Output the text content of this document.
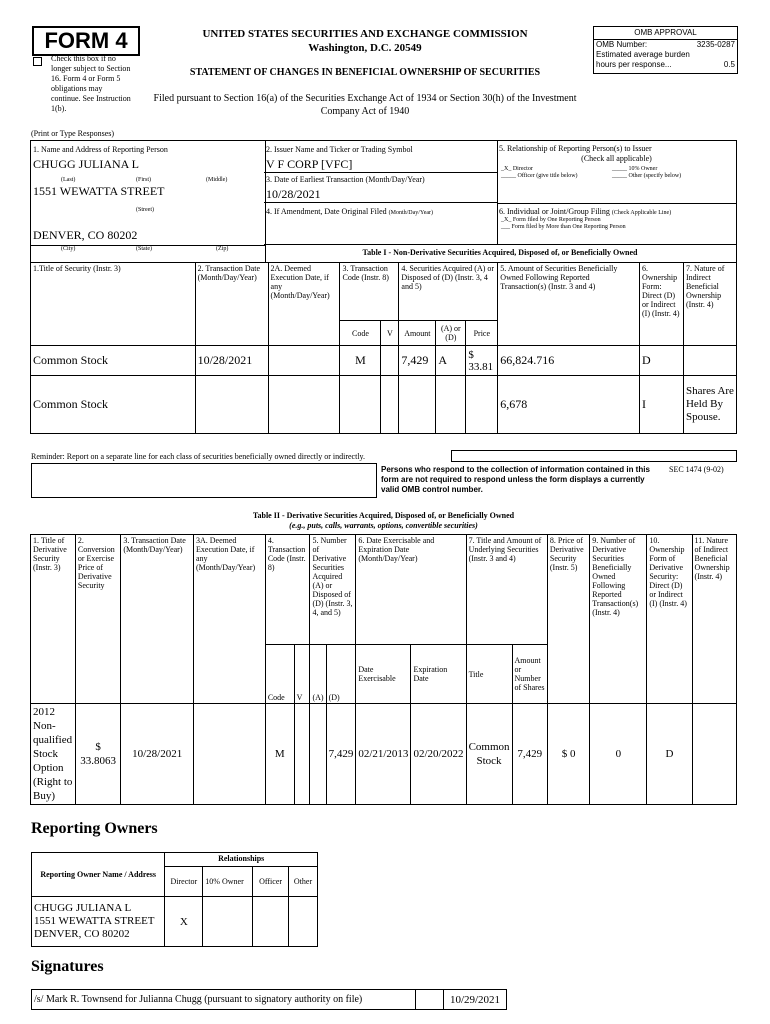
FORM 4
Check this box if no longer subject to Section 16. Form 4 or Form 5 obligations may continue. See Instruction 1(b).
UNITED STATES SECURITIES AND EXCHANGE COMMISSION
Washington, D.C. 20549
STATEMENT OF CHANGES IN BENEFICIAL OWNERSHIP OF SECURITIES
Filed pursuant to Section 16(a) of the Securities Exchange Act of 1934 or Section 30(h) of the Investment Company Act of 1940
OMB APPROVAL
OMB Number:	3235-0287
Estimated average burden
hours per response...	0.5
(Print or Type Responses)
1. Name and Address of Reporting Person
CHUGG JULIANA L
(Last)	(First)	(Middle)
1551 WEWATTA STREET
(Street)
DENVER, CO 80202
(City)	(State)	(Zip)
2. Issuer Name and Ticker or Trading Symbol
V F CORP [VFC]
3. Date of Earliest Transaction (Month/Day/Year)
10/28/2021
4. If Amendment, Date Original Filed (Month/Day/Year)
5. Relationship of Reporting Person(s) to Issuer
(Check all applicable)
_X_ Director	_____ 10% Owner
_____ Officer (give title below)	_____ Other (specify below)
6. Individual or Joint/Group Filing (Check Applicable Line)
_X_ Form filed by One Reporting Person
___ Form filed by More than One Reporting Person
Table I - Non-Derivative Securities Acquired, Disposed of, or Beneficially Owned
1.Title of Security (Instr. 3)	2. Transaction Date (Month/Day/Year)	2A. Deemed Execution Date, if any (Month/Day/Year)	3. Transaction Code (Instr. 8)		4. Securities Acquired (A) or Disposed of (D) (Instr. 3, 4 and 5)			5. Amount of Securities Beneficially Owned Following Reported Transaction(s) (Instr. 3 and 4)	6. Ownership Form: Direct (D) or Indirect (I) (Instr. 4)	7. Nature of Indirect Beneficial Ownership (Instr. 4)
			Code	V	Amount	(A) or (D)	Price			
Common Stock	10/28/2021		M		7,429	A	$ 33.81	66,824.716	D	
Common Stock								6,678	I	Shares Are Held By Spouse.
Reminder: Report on a separate line for each class of securities beneficially owned directly or indirectly.
Persons who respond to the collection of information contained in this form are not required to respond unless the form displays a currently valid OMB control number.
SEC 1474 (9-02)
Table II - Derivative Securities Acquired, Disposed of, or Beneficially Owned
(e.g., puts, calls, warrants, options, convertible securities)
1. Title of Derivative Security (Instr. 3)	2. Conversion or Exercise Price of Derivative Security	3. Transaction Date (Month/Day/Year)	3A. Deemed Execution Date, if any (Month/Day/Year)	4. Transaction Code (Instr. 8)		5. Number of Derivative Securities Acquired (A) or Disposed of (D) (Instr. 3, 4, and 5)		6. Date Exercisable and Expiration Date (Month/Day/Year)		7. Title and Amount of Underlying Securities (Instr. 3 and 4)		8. Price of Derivative Security (Instr. 5)	9. Number of Derivative Securities Beneficially Owned Following Reported Transaction(s) (Instr. 4)	10. Ownership Form of Derivative Security: Direct (D) or Indirect (I) (Instr. 4)	11. Nature of Indirect Beneficial Ownership (Instr. 4)
				Code	V	(A)	(D)	Date Exercisable	Expiration Date	Title	Amount or Number of Shares				
2012 Non-qualified Stock Option (Right to Buy)	$ 33.8063	10/28/2021		M			7,429	02/21/2013	02/20/2022	Common Stock	7,429	$ 0	0	D	
Reporting Owners
Reporting Owner Name / Address	Relationships			
	Director	10% Owner	Officer	Other

CHUGG JULIANA L
1551 WEWATTA STREET
DENVER, CO 80202	X			
Signatures
/s/ Mark R. Townsend for Julianna Chugg (pursuant to signatory authority on file)		10/29/2021
